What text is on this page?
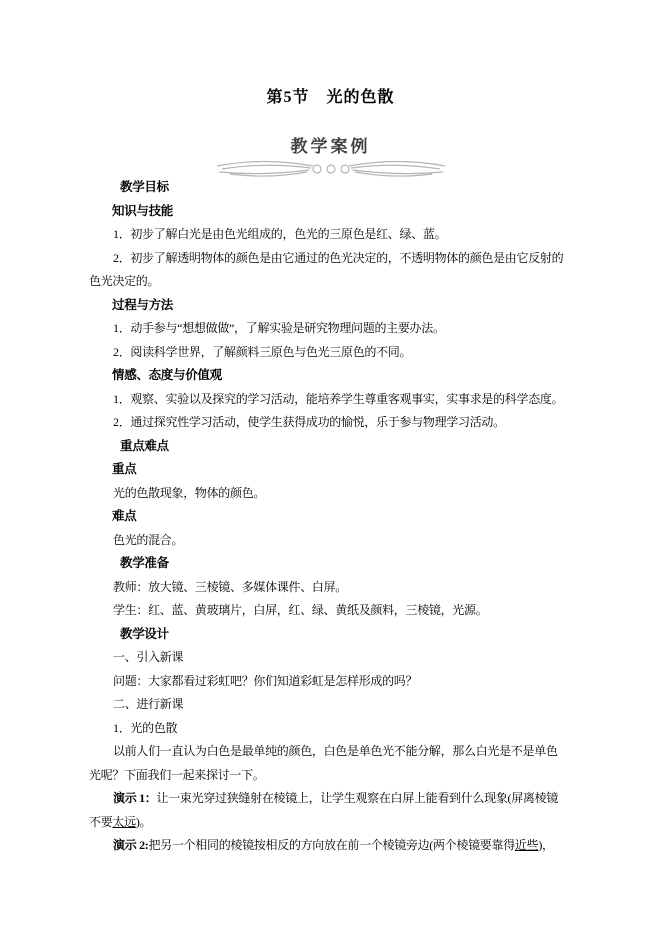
第5节　光的色散
教学案例

教学目标

知识与技能

1．初步了解白光是由色光组成的，色光的三原色是红、绿、蓝。

2．初步了解透明物体的颜色是由它通过的色光决定的，不透明物体的颜色是由它反射的色光决定的。

过程与方法

1．动手参与“想想做做”，了解实验是研究物理问题的主要办法。

2．阅读科学世界，了解颜料三原色与色光三原色的不同。

情感、态度与价值观

1．观察、实验以及探究的学习活动，能培养学生尊重客观事实，实事求是的科学态度。

2．通过探究性学习活动，使学生获得成功的愉悦，乐于参与物理学习活动。

重点难点

重点

光的色散现象，物体的颜色。

难点

色光的混合。

教学准备

教师：放大镜、三棱镜、多媒体课件、白屏。

学生：红、蓝、黄玻璃片，白屏，红、绿、黄纸及颜料，三棱镜，光源。

教学设计

一、引入新课

问题：大家都看过彩虹吧？你们知道彩虹是怎样形成的吗？

二、进行新课

1．光的色散

以前人们一直认为白色是最单纯的颜色，白色是单色光不能分解，那么白光是不是单色光呢？下面我们一起来探讨一下。

演示 1：让一束光穿过狭缝射在棱镜上，让学生观察在白屏上能看到什么现象(屏离棱镜不要太远)。

演示 2:把另一个相同的棱镜按相反的方向放在前一个棱镜旁边(两个棱镜要靠得近些)，
